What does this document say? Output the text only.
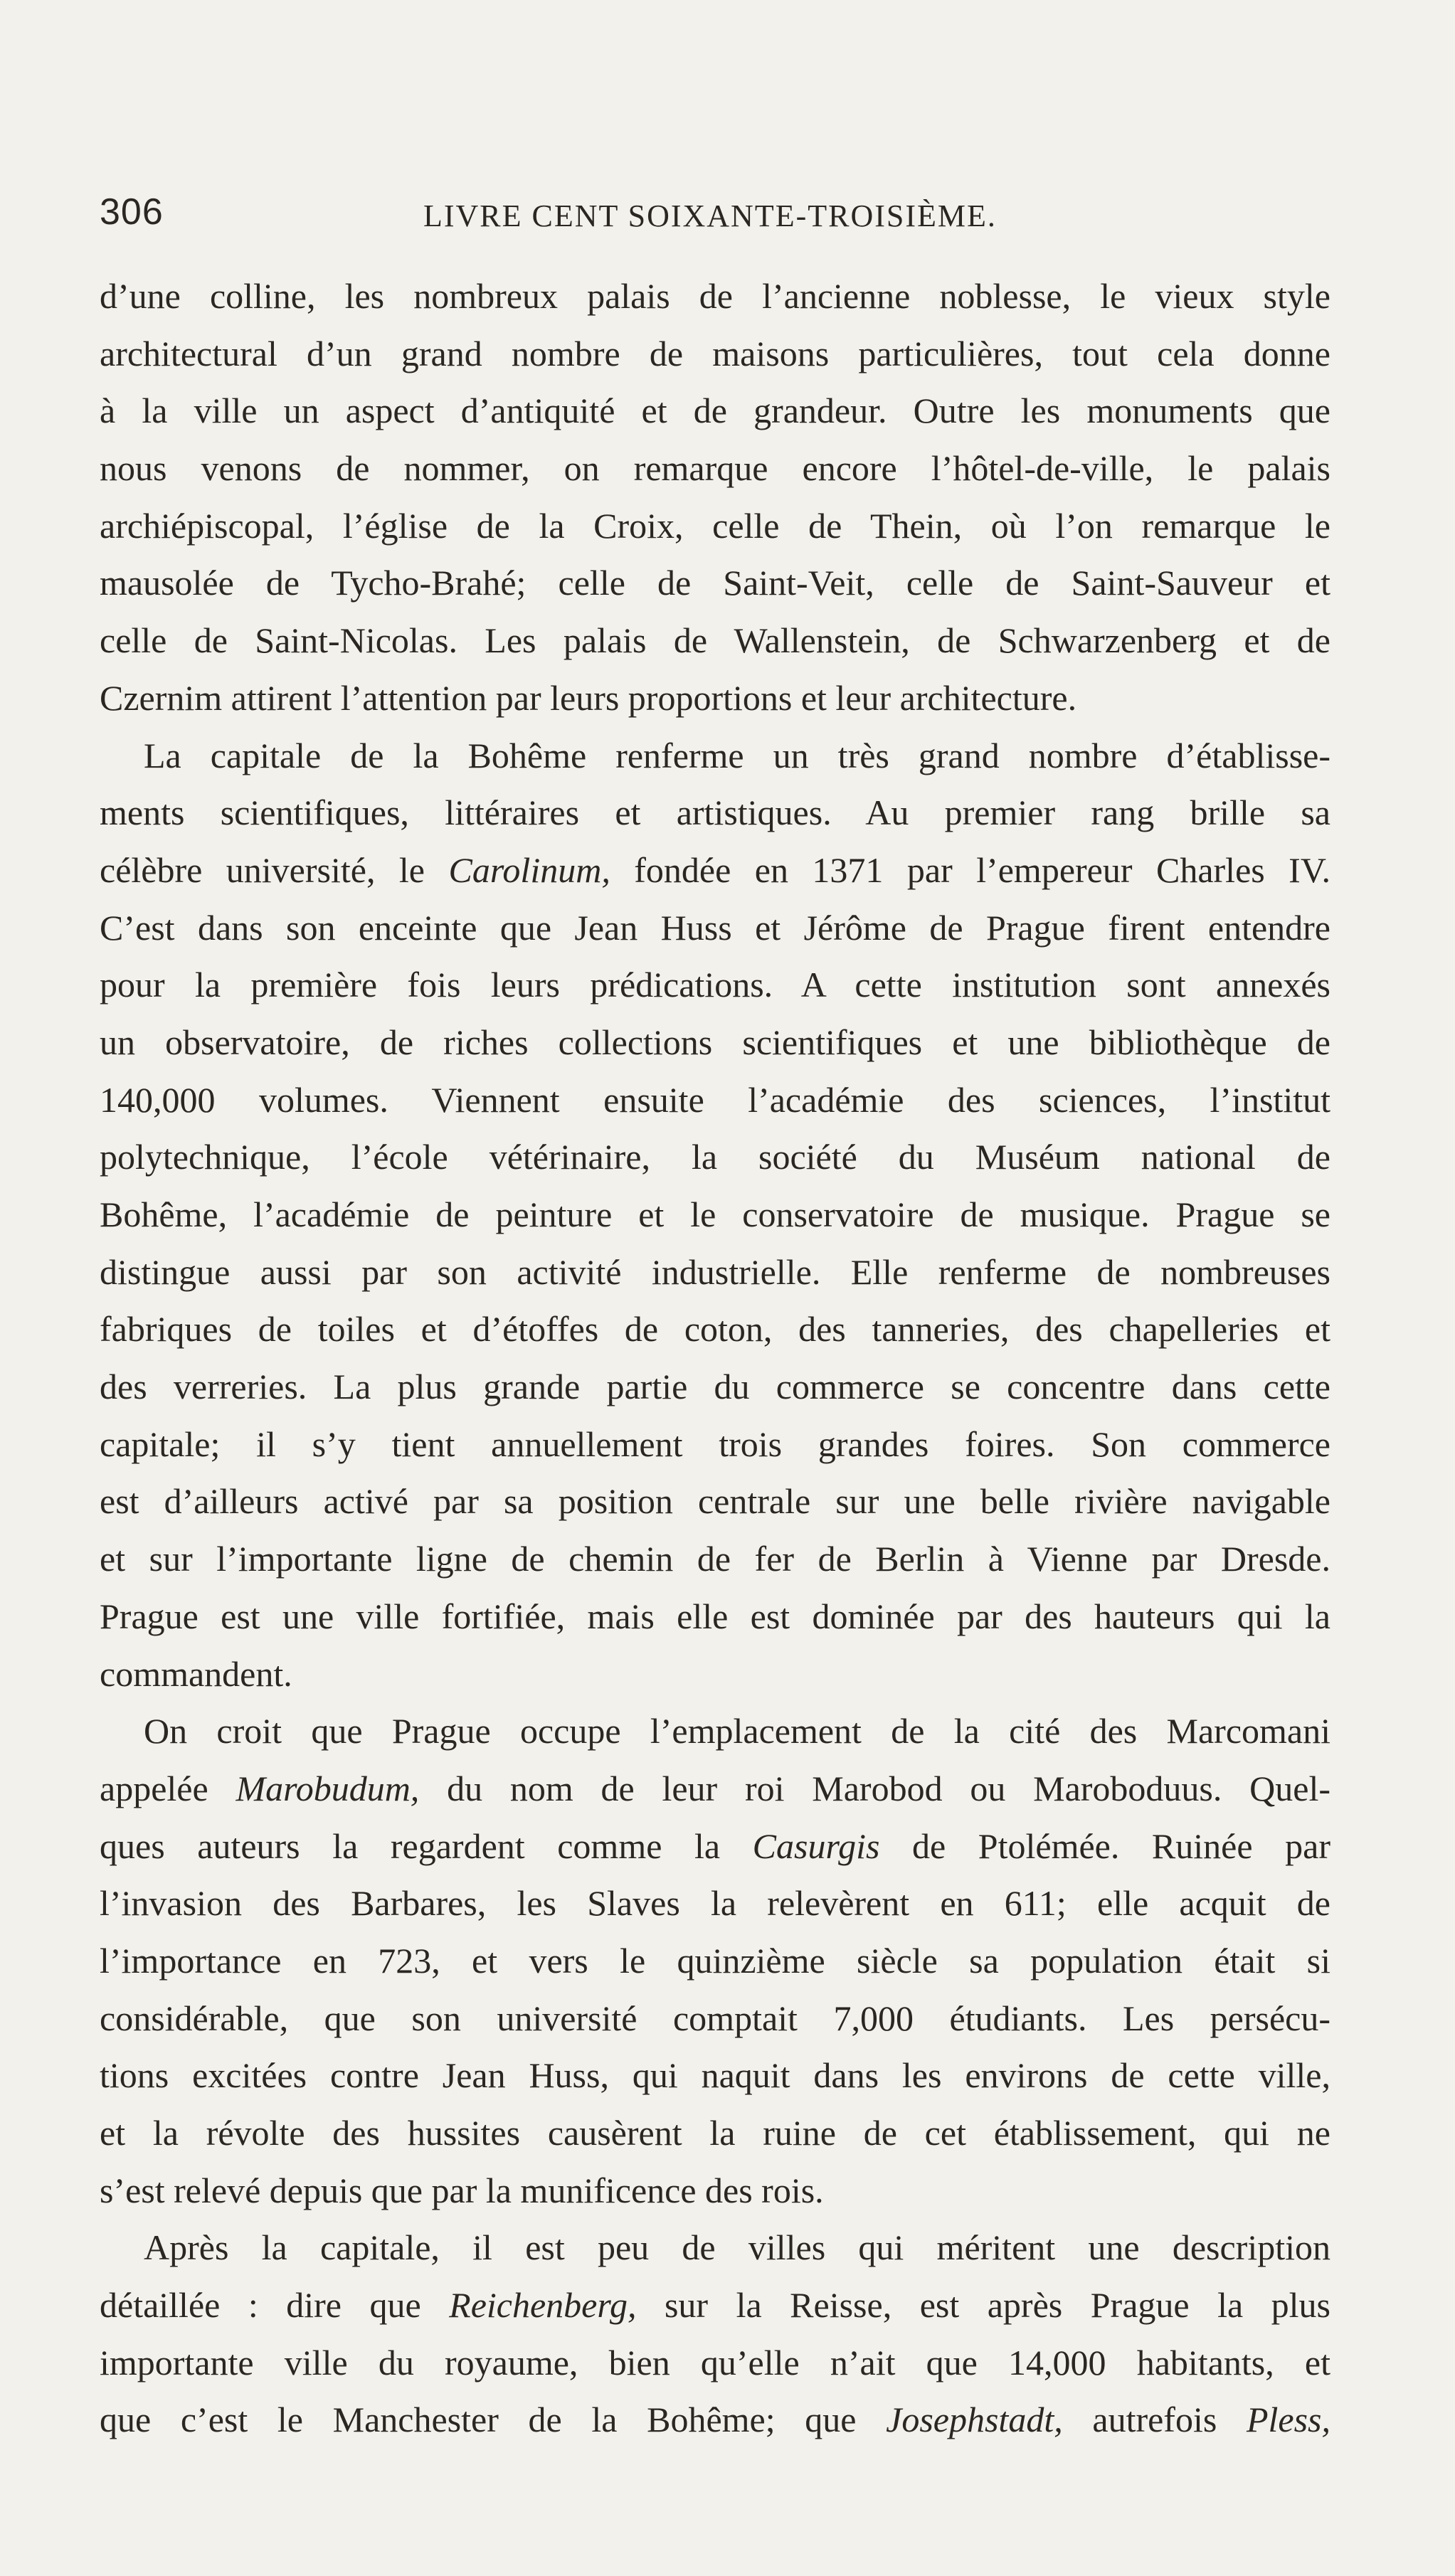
306	LIVRE CENT SOIXANTE-TROISIÈME.
d’une colline, les nombreux palais de l’ancienne noblesse, le vieux style
architectural d’un grand nombre de maisons particulières, tout cela donne
à la ville un aspect d’antiquité et de grandeur. Outre les monuments que
nous venons de nommer, on remarque encore l’hôtel-de-ville, le palais
archiépiscopal, l’église de la Croix, celle de Thein, où l’on remarque le
mausolée de Tycho-Brahé; celle de Saint-Veit, celle de Saint-Sauveur et
celle de Saint-Nicolas. Les palais de Wallenstein, de Schwarzenberg et de
Czernim attirent l’attention par leurs proportions et leur architecture.
La capitale de la Bohême renferme un très grand nombre d’établisse-
ments scientifiques, littéraires et artistiques. Au premier rang brille sa
célèbre université, le Carolinum, fondée en 1371 par l’empereur Charles IV.
C’est dans son enceinte que Jean Huss et Jérôme de Prague firent entendre
pour la première fois leurs prédications. A cette institution sont annexés
un observatoire, de riches collections scientifiques et une bibliothèque de
140,000 volumes. Viennent ensuite l’académie des sciences, l’institut
polytechnique, l’école vétérinaire, la société du Muséum national de
Bohême, l’académie de peinture et le conservatoire de musique. Prague se
distingue aussi par son activité industrielle. Elle renferme de nombreuses
fabriques de toiles et d’étoffes de coton, des tanneries, des chapelleries et
des verreries. La plus grande partie du commerce se concentre dans cette
capitale; il s’y tient annuellement trois grandes foires. Son commerce
est d’ailleurs activé par sa position centrale sur une belle rivière navigable
et sur l’importante ligne de chemin de fer de Berlin à Vienne par Dresde.
Prague est une ville fortifiée, mais elle est dominée par des hauteurs qui la
commandent.
On croit que Prague occupe l’emplacement de la cité des Marcomani
appelée Marobudum, du nom de leur roi Marobod ou Maroboduus. Quel-
ques auteurs la regardent comme la Casurgis de Ptolémée. Ruinée par
l’invasion des Barbares, les Slaves la relevèrent en 611; elle acquit de
l’importance en 723, et vers le quinzième siècle sa population était si
considérable, que son université comptait 7,000 étudiants. Les persécu-
tions excitées contre Jean Huss, qui naquit dans les environs de cette ville,
et la révolte des hussites causèrent la ruine de cet établissement, qui ne
s’est relevé depuis que par la munificence des rois.
Après la capitale, il est peu de villes qui méritent une description
détaillée : dire que Reichenberg, sur la Reisse, est après Prague la plus
importante ville du royaume, bien qu’elle n’ait que 14,000 habitants, et
que c’est le Manchester de la Bohême; que Josephstadt, autrefois Pless,
